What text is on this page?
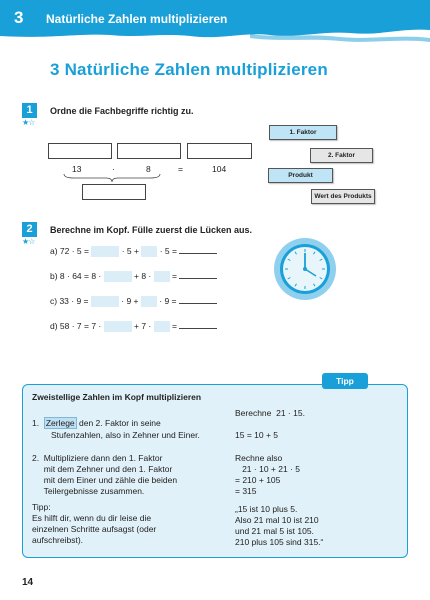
3 Natürliche Zahlen multiplizieren
3 Natürliche Zahlen multiplizieren
1
★☆
Ordne die Fachbegriffe richtig zu.
13	·	8	=	104
1. Faktor
2. Faktor
Produkt
Wert des Produkts
2
★☆
Berechne im Kopf. Fülle zuerst die Lücken aus.
a) 72 · 5 =	· 5 + · 5 =
b) 8 · 64 = 8 ·	+ 8 · =
c) 33 · 9 =	· 9 + · 9 =
d) 58 · 7 = 7 ·	+ 7 · =
Tipp
Zweistellige Zahlen im Kopf multiplizieren
1. Zerlege den 2. Faktor in seine
Stufenzahlen, also in Zehner und Einer.
2.  Multipliziere dann den 1. Faktor
mit dem Zehner und den 1. Faktor
mit dem Einer und zähle die beiden
Teilergebnisse zusammen.
Tipp:
Es hilft dir, wenn du dir leise die
einzelnen Schritte aufsagst (oder
aufschreibst).
Berechne  21 · 15.
15 = 10 + 5
Rechne also
21 · 10 + 21 · 5
= 210 + 105
= 315
„15 ist 10 plus 5.
Also 21 mal 10 ist 210
und 21 mal 5 ist 105.
210 plus 105 sind 315.“
14
